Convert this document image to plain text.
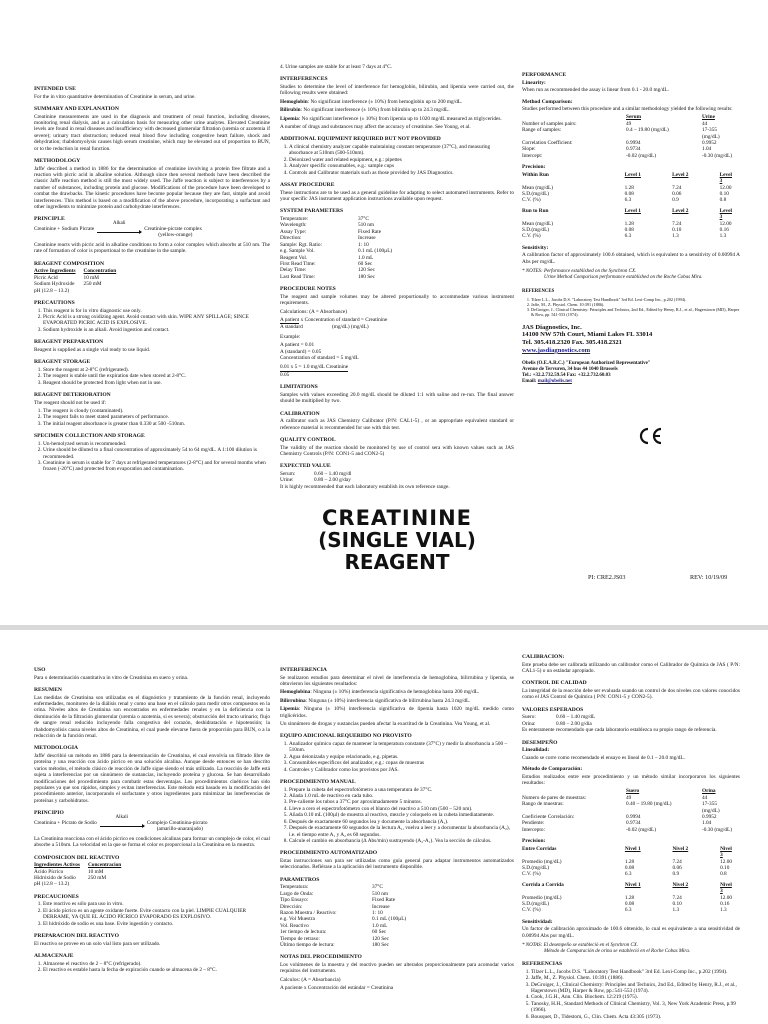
INTENDED USE

For the in vitro quantitative determination of Creatinine in serum, and urine.

SUMMARY AND EXPLANATION

Creatinine measurements are used in the diagnosis and treatment of renal function, including diseases, monitoring renal dialysis, and as a calculation basis for measuring other urine analytes. Elevated Creatinine levels are found in renal diseases and insufficiency with decreased glomerular filtration (uremia or azotemia if severe); urinary tract obstruction; reduced renal blood flow including congestive heart failure, shock and dehydration; rhabdomyolysis causes high serum creatinine, which may be elevated out of proportion to BUN, or to the reduction in renal function.

METHODOLOGY

Jaffe' described a method in 1886 for the determination of creatinine involving a protein free filtrate and a reaction with picric acid in alkaline solution. Although since then several methods have been described the classic Jaffe reaction method is still the most widely used. The Jaffe reaction is subject to interferences by a number of substances, including protein and glucose. Modifications of the procedure have been developed to combat the drawbacks. The kinetic procedures have become popular because they are fast, simple and avoid interferences. This method is based on a modification of the above procedure, incorporating a surfactant and other ingredients to minimize protein and carbohydrate interferences.

PRINCIPLE
Creatinine + Sodium Picrate
Alkali
Creatinine-picrate complex
(yellow-orange)

Creatinine reacts with picric acid in alkaline conditions to form a color complex which absorbs at 510 nm. The rate of formation of color is proportional to the creatinine in the sample.

REAGENT COMPOSITION
Active Ingredients	Concentration
Picric Acid	10 mM
Sodium Hydroxide	250 mM
pH (12.8 – 13.2)	
PRECAUTIONS
1. This reagent is for in vitro diagnostic use only.
2. Picric Acid is a strong oxidizing agent. Avoid contact with skin. WIPE ANY SPILLAGE; SINCE EVAPORATED PICRIC ACID IS EXPLOSIVE.
3. Sodium hydroxide is an alkali. Avoid ingestion and contact.
REAGENT PREPARATION

Reagent is supplied as a single vial ready to use liquid.

REAGENT STORAGE
1. Store the reagent at 2-8°C (refrigerated).
2. The reagent is stable until the expiration date when stored at 2-8°C.
3. Reagent should be protected from light when not in use.
REAGENT DETERIORATION

The reagent should not be used if:

1. The reagent is cloudy (contaminated).
2. The reagent fails to meet stated parameters of performance.
3. The initial reagent absorbance is greater than 0.330 at 500 -510nm.
SPECIMEN COLLECTION AND STORAGE
1. Un-hemolyzed serum is recommended.
2. Urine should be diluted to a final concentration of approximately 54 to 64 mg/dL. A 1:100 dilution is recommended.
3. Creatinine in serum is stable for 7 days at refrigerated temperatures (2-8°C) and for several months when frozen (-20°C) and protected from evaporation and contamination.

4. Urine samples are stable for at least 7 days at 4°C.

INTERFERENCES

Studies to determine the level of interference for hemoglobin, bilirubin, and lipemia were carried out, the following results were obtained:

Hemoglobin: No significant interference (± 10%) from hemoglobin up to 200 mg/dL.

Bilirubin: No significant interference (± 10%) from bilirubin up to 24.3 mg/dL.

Lipemia: No significant interference (± 10%) from lipemia up to 1020 mg/dL measured as triglycerides.

A number of drugs and substances may affect the accuracy of creatinine. See Young, et al.

ADDITIONAL EQUIPMENT REQUIRED BUT NOT PROVIDED
1. A clinical chemistry analyzer capable maintaining constant temperature (37°C), and measuring absorbance at 510nm (500-510nm).
2. Deionized water and related equipment, e.g.: pipettes
3. Analyzer specific consumables, e.g.: sample cups
4. Controls and Calibrator materials such as those provided by JAS Diagnostics.
ASSAY PROCEDURE

These instructions are to be used as a general guideline for adapting to select automated instruments. Refer to your specific JAS instrument application instructions available upon request.

SYSTEM PARAMETERS
Temperature:	37°C
Wavelength:	510 nm
Assay Type:	Fixed Rate
Direction:	Increase
Sample: Rgt. Ratio:	1: 10
e.g. Sample Vol.	0.1 mL (100µL)
Reagent Vol.	1.0 mL
First Read Time:	60 Sec
Delay Time:	120 Sec
Last Read Time:	180 Sec
PROCEDURE NOTES

The reagent and sample volumes may be altered proportionally to accommodate various instrument requirements.

Calculations: (A = Absorbance)

A patient x Concentration of standard = Creatinine
A standard	(mg/dL) (mg/dL)

Example:

A patient = 0.01
A (standard) = 0.05
Concentration of standard = 5 mg/dL
0.01 x 5 = 1.0 mg/dL Creatinine
0.05
LIMITATIONS

Samples with values exceeding 20.0 mg/dL should be diluted 1:1 with saline and re-run. The final answer should be multiplied by two.

CALIBRATION

A calibrator such as JAS Chemistry Calibrator (P/N: CAL1-5) , or an appropriate equivalent standard or reference material is recommended for use with this test.

QUALITY CONTROL

The validity of the reaction should be monitored by use of control sera with known values such as JAS Chemistry Controls (P/N: CON1-5 and CON2-5)

EXPECTED VALUE
Serum:	0.60 – 1.40 mg/dl
Urine:	0.80 – 2.00 g/day

It is highly recommended that each laboratory establish its own reference range.

CREATININE
(SINGLE VIAL) REAGENT
PERFORMANCE
Linearity:

When run as recommended the assay is linear from 0.1 - 20.0 mg/dL.

Method Comparison:

Studies performed between this procedure and a similar methodology yielded the following results:

	Serum	Urine
Number of samples pairs:	49	44
Range of samples:	0.4 – 19.80 (mg/dL)	17-355 (mg/dL)
Correlation Coefficient:	0.9994	0.9952
Slope:	0.9734	1.04
Intercept:	-0.02 (mg/dL)	-0.30 (mg/dL)
Precision:
Within Run	Level 1	Level 2	Level 3
Mean (mg/dL)	1.28	7.24	12.00
S.D.(mg/dL)	0.08	0.06	0.10
C.V. (%)	6.3	0.9	0.8
Run to Run	Level 1	Level 2	Level 3
Mean (mg/dL)	1.28	7.24	12.00
S.D.(mg/dL)	0.08	0.10	0.16
C.V. (%)	6.3	1.3	1.3
Sensitivity:

A calibration factor of approximately 100.6 obtained, which is equivalent to a sensitivity of 0.00994 A Abs per mg/dL.

* NOTES: Performance established on the Synchron CX.
Urine Method Comparison performance established on the Roche Cobas Mira.
REFERENCES
1. Tilzer L.L., Jacobs D.S. "Laboratory Test Handbook" 3rd Ed. Lexi-Comp Inc., p.202 (1994).
2. Jaffe, M., Z. Physiol. Chem. 10:391 (1886).
3. DeGroiger, J., Clinical Chemistry: Principles and Technics, 2nd Ed., Edited by Henry, R.J., et al., Hagerstown (MD), Harper & Row, pp. 541-553 (1974).
JAS Diagnostics, Inc.
14100 NW 57th Court, Miami Lakes FL 33014
Tel. 305.418.2320 Fax. 305.418.2321
www.jasdiagnostics.com
Obelis (O.E.A.R.C.) "European Authorized Representative"
Avenue de Tervuren, 34 bus 44 1040 Brussels
Tel.: +32.2.732.59.54 Fax: +32.2.732.60.03
Email: mail@obelis.net
PI: CRE2.JS03	REV: 10/19/09
USO

Para o determinación cuantitativa in vitro de Creatinina en suero y orina.

RESUMEN

Las medidas de Creatinina son utilizadas en el diagnóstico y tratamiento de la función renal, incluyendo enfermedades, monitoreo de la diálisis renal y como una base en el cálculo para medir otros compuestos en la orina. Niveles altos de Creatinina son encontrados en enfermedades renales y en la deficiencia con la disminución de la filtración glomerular (uremia o azotemia, si es severa); obstrucción del tracto urinario; flujo de sangre renal reducido incluyendo falla congestiva del corazón, deshidratación e hipotensión; la rhabdomyolisis causa niveles altos de Creatinina, el cual puede elevarse fuera de proporción para BUN, o a la reducción de la función renal.

METODOLOGIA

Jaffe' describió un método en 1886 para la determinación de Creatinina, el cual envolvía un filtrado libre de proteína y una reacción con ácido pícrico en una solución alcalina. Aunque desde entonces se han descrito varios métodos, el método clásico de reacción de Jaffe sigue siendo el más utilizado. La reacción de Jaffe está sujeta a interferencias por un sinnúmero de sustancias, incluyendo proteína y glucosa. Se han desarrollado modificaciones del procedimiento para combatir estas desventajas. Los procedimientos cinéticos han sido populares ya que son rápidos, simples y evitan interferencias. Este método está basado en la modificación del procedimiento anterior, incorporando el surfactante y otros ingredientes para minimizar las interferencias de proteínas y carbohidratos.

PRINCIPIO
Creatinina + Picrato de Sodio
Alkali
Complejo Creatinina-picrato
(amarillo-anaranjado)

La Creatinina reacciona con el ácido pícrico en condiciones alcalinas para formar un complejo de color, el cual absorbe a 510nm. La velocidad en la que se forma el color es proporcional a la Creatinina en la muestra.

COMPOSICION DEL REACTIVO
Ingredientes Activos	Concentracion
Ácido Pícrico	10 mM
Hidróxido de Sodio	250 mM
pH (12.8 – 13.2)	
PRECAUCIONES
1. Este reactivo es sólo para uso in vitro.
2. El ácido pícrico es un agente oxidante fuerte. Evite contacto con la piel. LIMPIE CUALQUIER DERRAME, YA QUE EL ÁCIDO PÍCRICO EVAPORADO ES EXPLOSIVO.
3. El hidróxido de sodio es una base. Evite ingestión y contacto.
PREPARACION DEL REACTIVO

El reactivo se provee en un solo vial listo para ser utilizado.

ALMACENAJE
1. Almacene el reactivo de 2 – 8°C (refrigerado).
2. El reactivo es estable hasta la fecha de expiración cuando se almacena de 2 – 8°C.
INTERFERENCIA

Se realizaron estudios para determinar el nivel de interferencia de hemoglobina, bilirrubina y lipemia, se obtuvieron los siguientes resultados:

Hemoglobina: Ninguna (± 10%) interferencia significativa de hemoglobina hasta 200 mg/dL.

Bilirrubina: Ninguna (± 10%) interferencia significativa de bilirrubina hasta 24.3 mg/dL.

Lipemia: Ninguna (± 10%) interferencia significativa de lipemia hasta 1020 mg/dL medido como triglicéridos.

Un sinnúmero de drogas y sustancias pueden afectar la exactitud de la Creatinina. Vea Young, et al.

EQUIPO ADICIONAL REQUERIDO NO PROVISTO
1. Analizador químico capaz de mantener la temperatura constante (37°C) y medir la absorbancia a 500 – 510nm.
2. Agua deionizada y equipo relacionado, e.g. pipetas.
3. Consumibles específicos del analizador, e.g.: copas de muestras
4. Controles y Calibrador como los provistos por JAS.
PROCEDIMIENTO MANUAL
1. Prepare la cubeta del espectrofotómetro a una temperatura de 37°C.
2. Añada 1.0 mL de reactivo en cada tubo.
3. Pre-caliente los tubos a 37°C por aproximadamente 5 minutos.
4. Lleve a cero el espectrofotómetro con el blanco del reactivo a 510 nm (500 – 520 nm).
5. Añada 0.10 mL (100µl) de muestra al reactivo, mezcle y coloquelo en la cubeta inmediatamente.
6. Después de exactamente 60 segundos lea y documente la absorbancia (A₁).
7. Después de exactamente 60 segundos de la lectura A₁, vuelva a leer y a documentar la absorbancia (A₂), i.e. el tiempo entre A₁ y A₂ es 60 segundos.
8. Calcule el cambio en absorbancia (Δ Abs/min) sustrayendo (A₂-A₁). Vea la sección de cálculos.
PROCEDIMIENTO AUTOMATIZADO

Estas instrucciones son para ser utilizadas como guía general para adaptar instrumentos automatizados seleccionados. Refiérase a la aplicación del instrumento disponible.

PARAMETROS
Temperatura:	37°C
Largo de Onda:	510 nm
Tipo Ensayo:	Fixed Rate
Dirección:	Increase
Razon Muestra / Reactivo:	1: 10
e.g. Vol Muestra	0.1 mL (100µL)
Vol. Reactivo	1.0 mL
1er tiempo de lectura:	60 Sec
Tiempo de retraso:	120 Sec
Último tiempo de lectura:	180 Sec
NOTAS DEL PROCEDIMIENTO

Los volúmenes de la muestra y del reactivo pueden ser alterados proporcionalmente para acomodar varios requisitos del instrumento.

Calculos: (A = Absorbancia)

A paciente x Concentración del estándar = Creatinina

CALIBRACIÓN:

Este prueba debe ser calibrada utilizando un calibrador como el Calibrador de Química de JAS ( P/N: CAL1-5) o un estándar apropiado.

CONTROL DE CALIDAD

La integridad de la reacción debe ser evaluada usando un control de dos niveles con valores conocidos como el JAS Control de Química ( P/N: CON1-5 y CON2-5).

VALORES ESPERADOS
Suero:	0.60 – 1.40 mg/dL
Orina:	0.80 – 2.00 g/día

Es enteramente recomendado que cada laboratorio establezca su propio rango de referencia.

DESEMPEÑO
Linealidad:

Cuando se corre como recomendado el ensayo es lineal de 0.1 – 20.0 mg/dL.

Método de Comparación:

Estudios realizados entre este procedimiento y un método similar incorporaron los siguientes resultados:

	Suero	Orina
Numero de pares de muestras:	49	44
Rango de muestras:	0.40 – 19.80 (mg/dL)	17-355 (mg/dL)
Coeficiente Correlación:	0.9994	0.9952
Pendiente:	0.9734	1.04
Intercepto:	-0.02 (mg/dL)	-0.30 (mg/dL)
Precision:
Entre Corridas	Nivel 1	Nivel 2	Nivel 3
Promedio (mg/dL)	1.28	7.24	12.00
S.D.(mg/dL)	0.08	0.06	0.10
C.V. (%)	6.3	0.9	0.8
Corrida a Corrida	Nivel 1	Nivel 2	Nivel 3
Promedio (mg/dL)	1.28	7.24	12.00
S.D.(mg/dL)	0.08	0.10	0.16
C.V. (%)	6.3	1.3	1.3
Sensitividad:

Un factor de calibración aproximado de 100.6 obtenido, lo cual es equivalente a una sensitividad de 0.00994 Abs por mg/dL.

* NOTAS: El desempeño se estableció en el Synchron CX.
Método de Comparación de orina se estableció en el Roche Cobas Mira.
REFERENCIAS
1. Tilzer L.L., Jacobs D.S. "Laboratory Test Handbook" 3rd Ed. Lexi-Comp Inc., p.202 (1994).
2. Jaffe, M., Z. Physiol. Chem. 10:391 (1886).
3. DeGroiger, J., Clinical Chemistry: Principles and Technics, 2nd Ed., Edited by Henry, R.J., et al., Hagerstown (MD), Harper & Row, pp.:541-553 (1974).
4. Cook, J.G.H., Ann. Clin. Biochem. 12:219 (1975).
5. Tanosky, H.H., Standard Methods of Clinical Chemistry, Vol. 3, New York Academic Press, p.99 (1966).
6. Bousquet, D., Tidestom, G., Clin. Chem. Acta 43:305 (1973).
